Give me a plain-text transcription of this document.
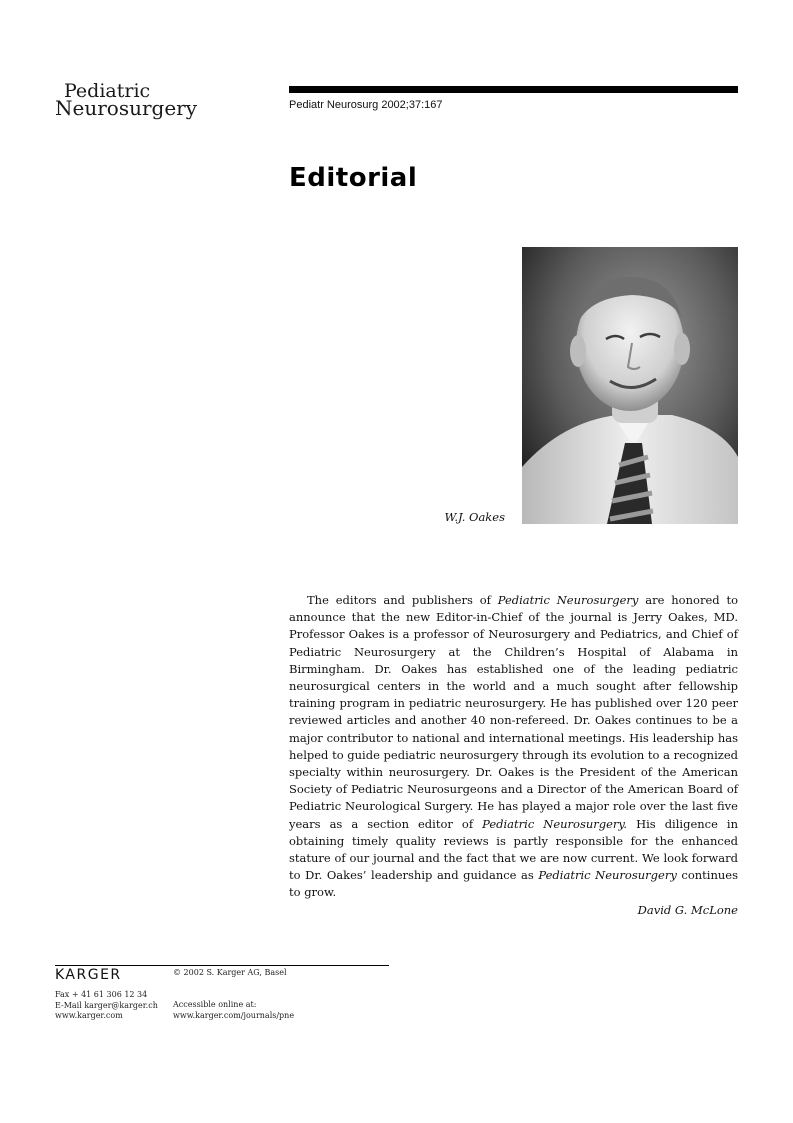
Pediatric
Neurosurgery	Pediatr Neurosurg 2002;37:167
Editorial
W.J. Oakes

The editors and publishers of Pediatric Neurosurgery are honored to announce that the new Editor-in-Chief of the journal is Jerry Oakes, MD. Professor Oakes is a professor of Neurosurgery and Pediatrics, and Chief of Pediatric Neurosurgery at the Children’s Hospital of Alabama in Birmingham. Dr. Oakes has established one of the leading pediatric neurosurgical centers in the world and a much sought after fellowship training program in pediatric neurosurgery. He has published over 120 peer reviewed articles and another 40 non-refereed. Dr. Oakes continues to be a major contributor to national and international meetings. His leadership has helped to guide pediatric neurosurgery through its evolution to a recognized specialty within neurosurgery. Dr. Oakes is the President of the American Society of Pediatric Neurosurgeons and a Director of the American Board of Pediatric Neurological Surgery. He has played a major role over the last five years as a section editor of Pediatric Neurosurgery. His diligence in obtaining timely quality reviews is partly responsible for the enhanced stature of our journal and the fact that we are now current. We look forward to Dr. Oakes’ leadership and guidance as Pediatric Neurosurgery continues to grow.

David G. McLone

KARGER	© 2002 S. Karger AG, Basel
Fax + 41 61 306 12 34
E-Mail karger@karger.ch
www.karger.com
Accessible online at:
www.karger.com/journals/pne
